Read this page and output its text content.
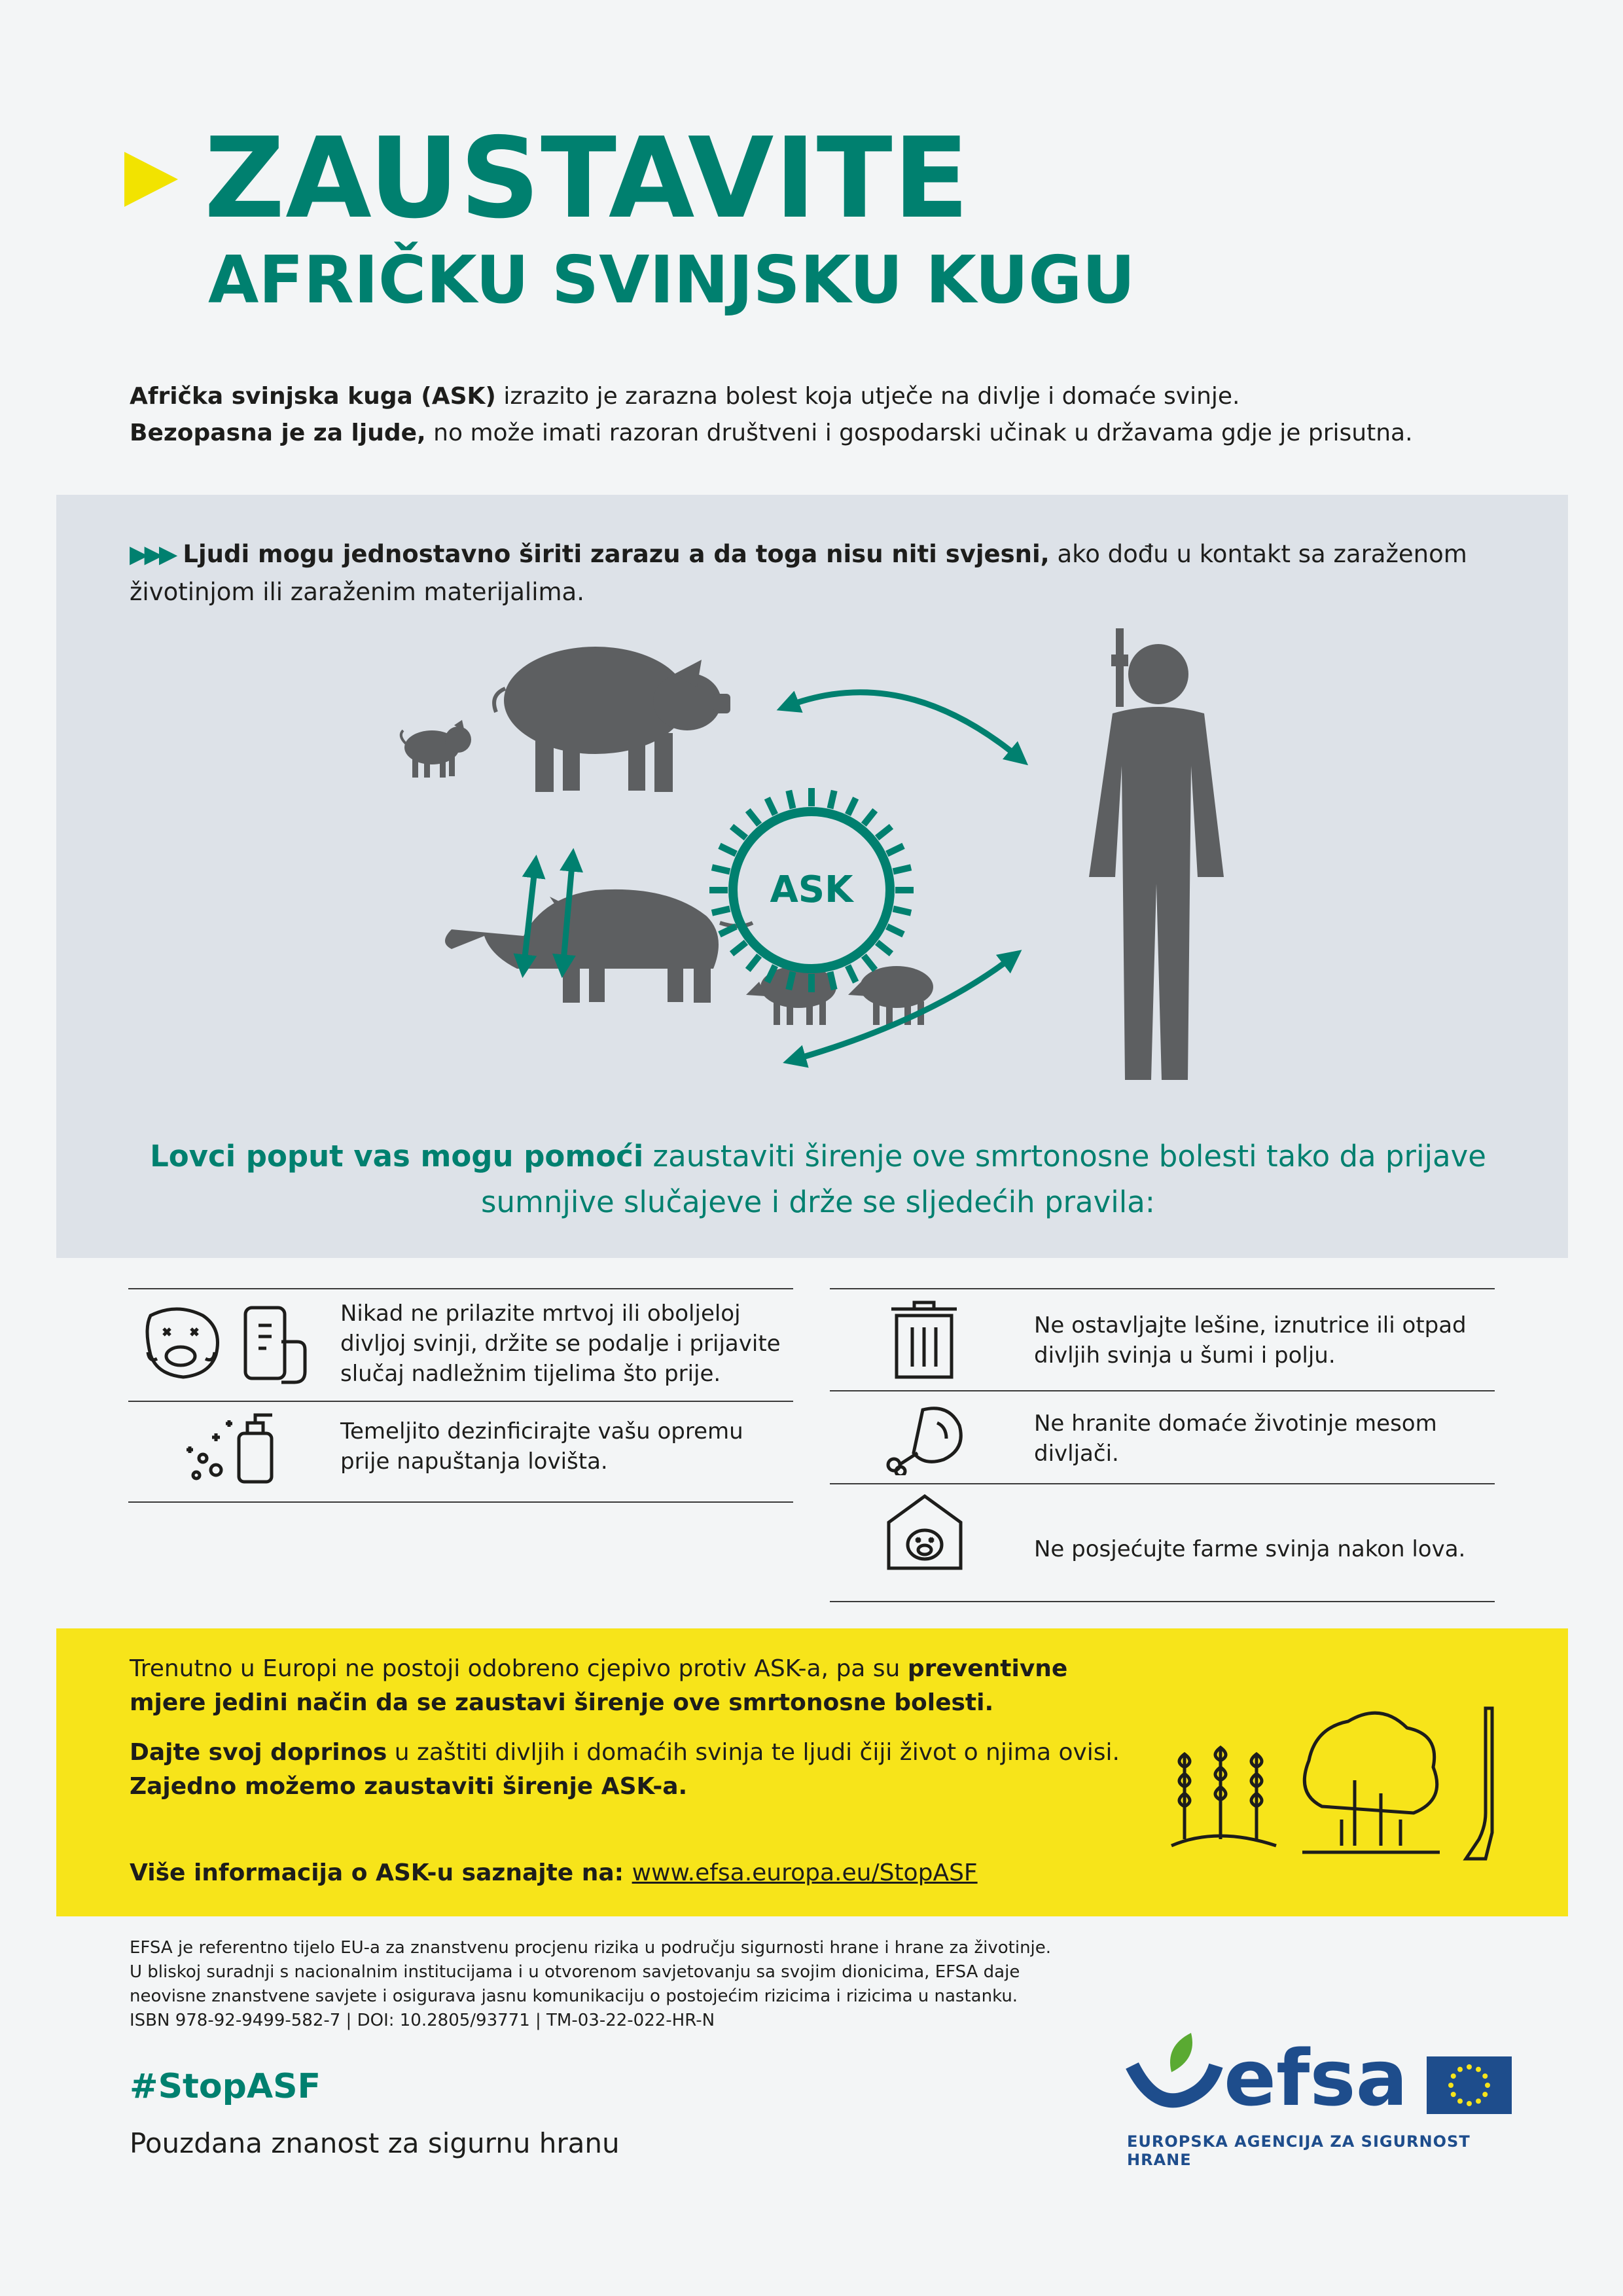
ZAUSTAVITE
AFRIČKU SVINJSKU KUGU
Afrička svinjska kuga (ASK) izrazito je zarazna bolest koja utječe na divlje i domaće svinje.
Bezopasna je za ljude, no može imati razoran društveni i gospodarski učinak u državama gdje je prisutna.
▶▶▶ Ljudi mogu jednostavno širiti zarazu a da toga nisu niti svjesni, ako dođu u kontakt sa zaraženom životinjom ili zaraženim materijalima.
ASK
Lovci poput vas mogu pomoći zaustaviti širenje ove smrtonosne bolesti tako da prijave sumnjive slučajeve i drže se sljedećih pravila:
Nikad ne prilazite mrtvoj ili oboljeloj divljoj svinji, držite se podalje i prijavite slučaj nadležnim tijelima što prije.
Temeljito dezinficirajte vašu opremu prije napuštanja lovišta.
Ne ostavljajte lešine, iznutrice ili otpad divljih svinja u šumi i polju.
Ne hranite domaće životinje mesom divljači.
Ne posjećujte farme svinja nakon lova.
Trenutno u Europi ne postoji odobreno cjepivo protiv ASK-a, pa su preventivne mjere jedini način da se zaustavi širenje ove smrtonosne bolesti.
Dajte svoj doprinos u zaštiti divljih i domaćih svinja te ljudi čiji život o njima ovisi.
Zajedno možemo zaustaviti širenje ASK-a.
Više informacija o ASK-u saznajte na: www.efsa.europa.eu/StopASF
EFSA je referentno tijelo EU-a za znanstvenu procjenu rizika u području sigurnosti hrane i hrane za životinje.
U bliskoj suradnji s nacionalnim institucijama i u otvorenom savjetovanju sa svojim dionicima, EFSA daje
neovisne znanstvene savjete i osigurava jasnu komunikaciju o postojećim rizicima i rizicima u nastanku.
ISBN 978-92-9499-582-7 | DOI: 10.2805/93771 | TM-03-22-022-HR-N
#StopASF
Pouzdana znanost za sigurnu hranu
efsa
EUROPSKA AGENCIJA ZA SIGURNOST HRANE
